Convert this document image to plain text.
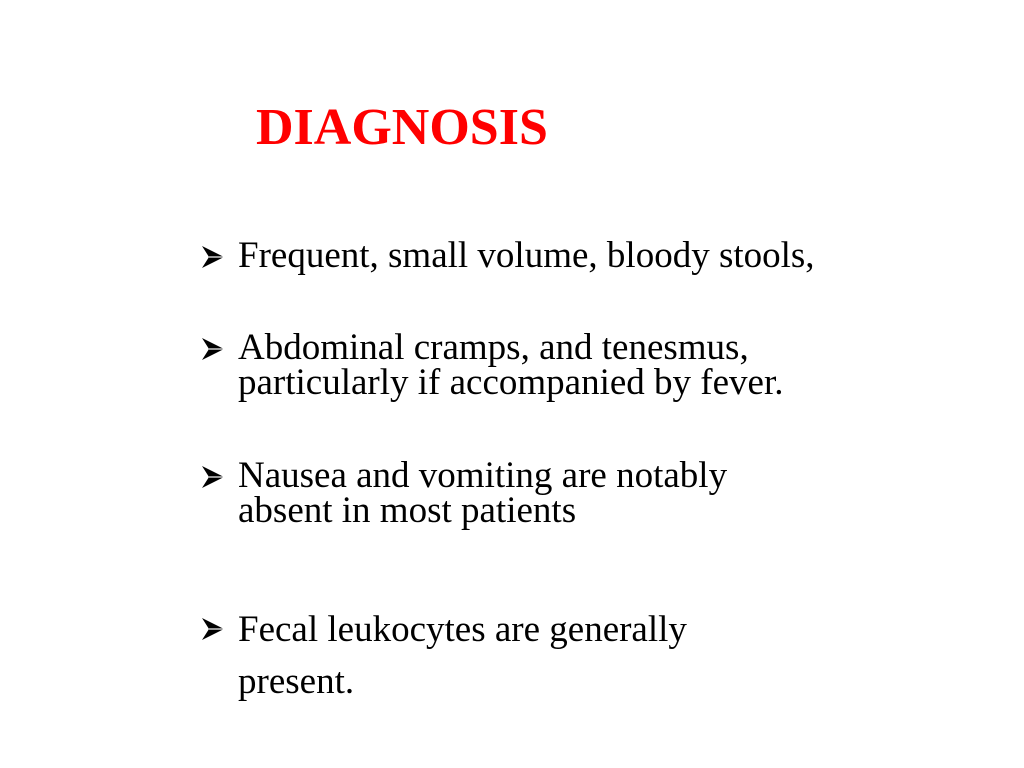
DIAGNOSIS
Frequent, small volume, bloody stools,
Abdominal cramps, and tenesmus,
particularly if accompanied by fever.
Nausea and vomiting are notably
absent in most patients
Fecal leukocytes are generally
present.
